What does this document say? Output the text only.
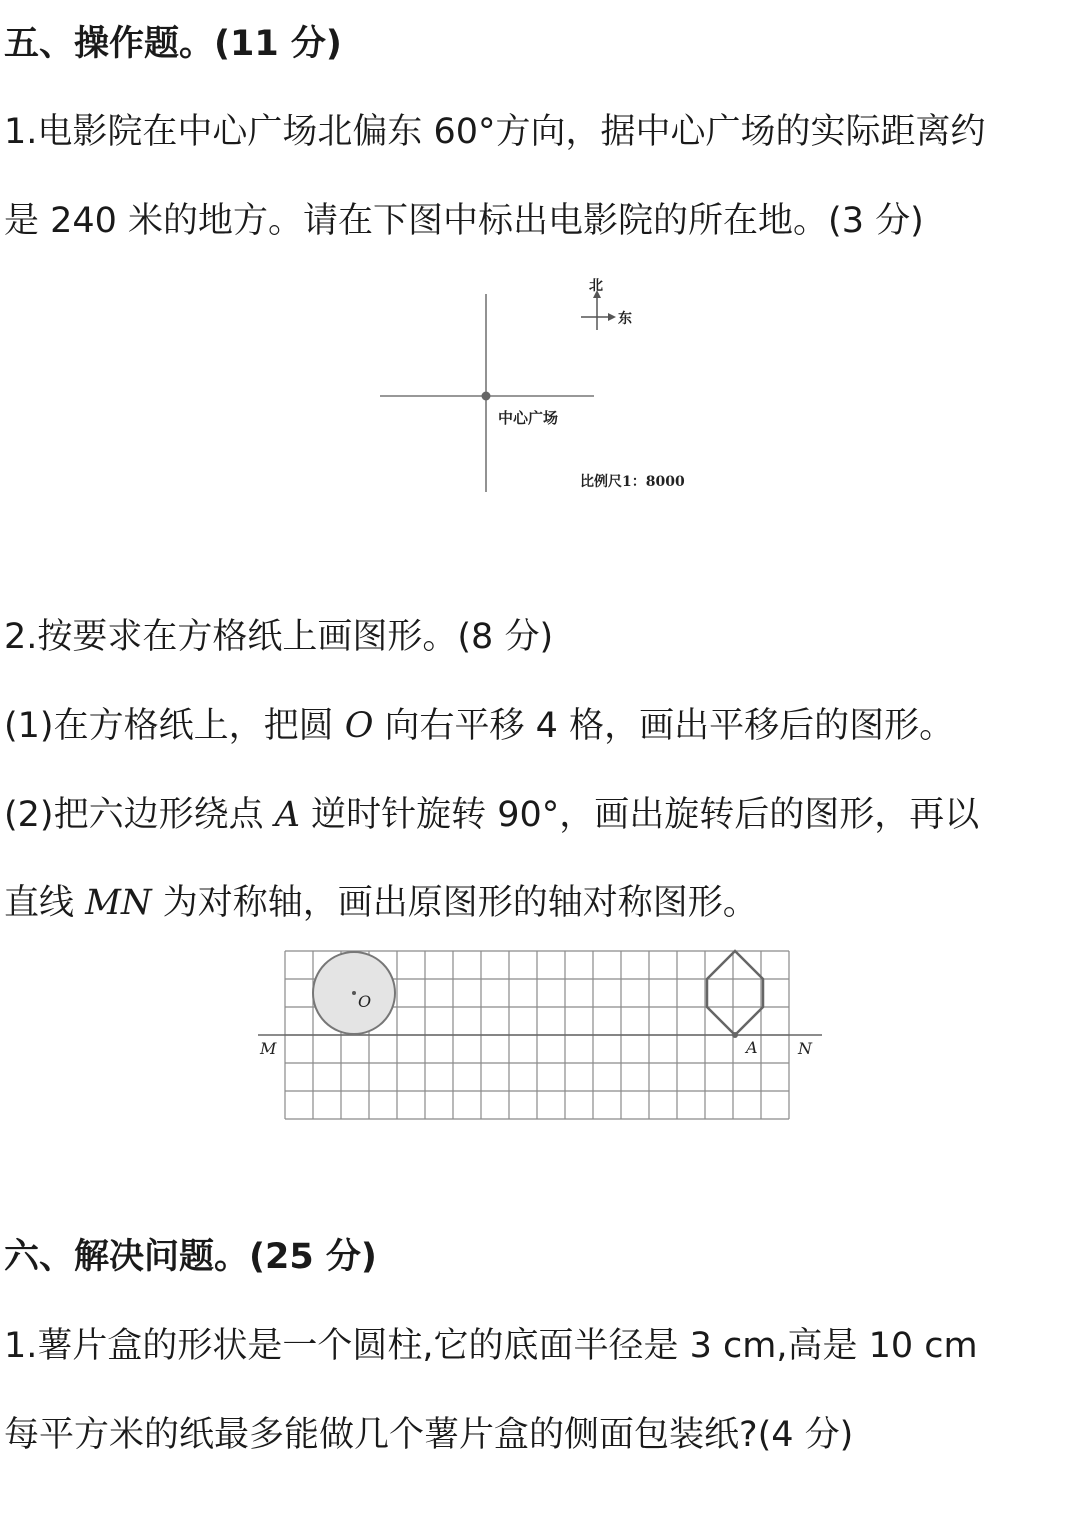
五、操作题。(11 分)
1.电影院在中心广场北偏东 60°方向，据中心广场的实际距离约
是 240 米的地方。请在下图中标出电影院的所在地。(3 分)
北
东
中心广场
比例尺1：8000
2.按要求在方格纸上画图形。(8 分)
(1)在方格纸上，把圆 O 向右平移 4 格，画出平移后的图形。
(2)把六边形绕点 A 逆时针旋转 90°，画出旋转后的图形，再以
直线 MN 为对称轴，画出原图形的轴对称图形。
O
A
M	N
六、解决问题。(25 分)
1.薯片盒的形状是一个圆柱,它的底面半径是 3 cm,高是 10 cm
每平方米的纸最多能做几个薯片盒的侧面包装纸?(4 分)
